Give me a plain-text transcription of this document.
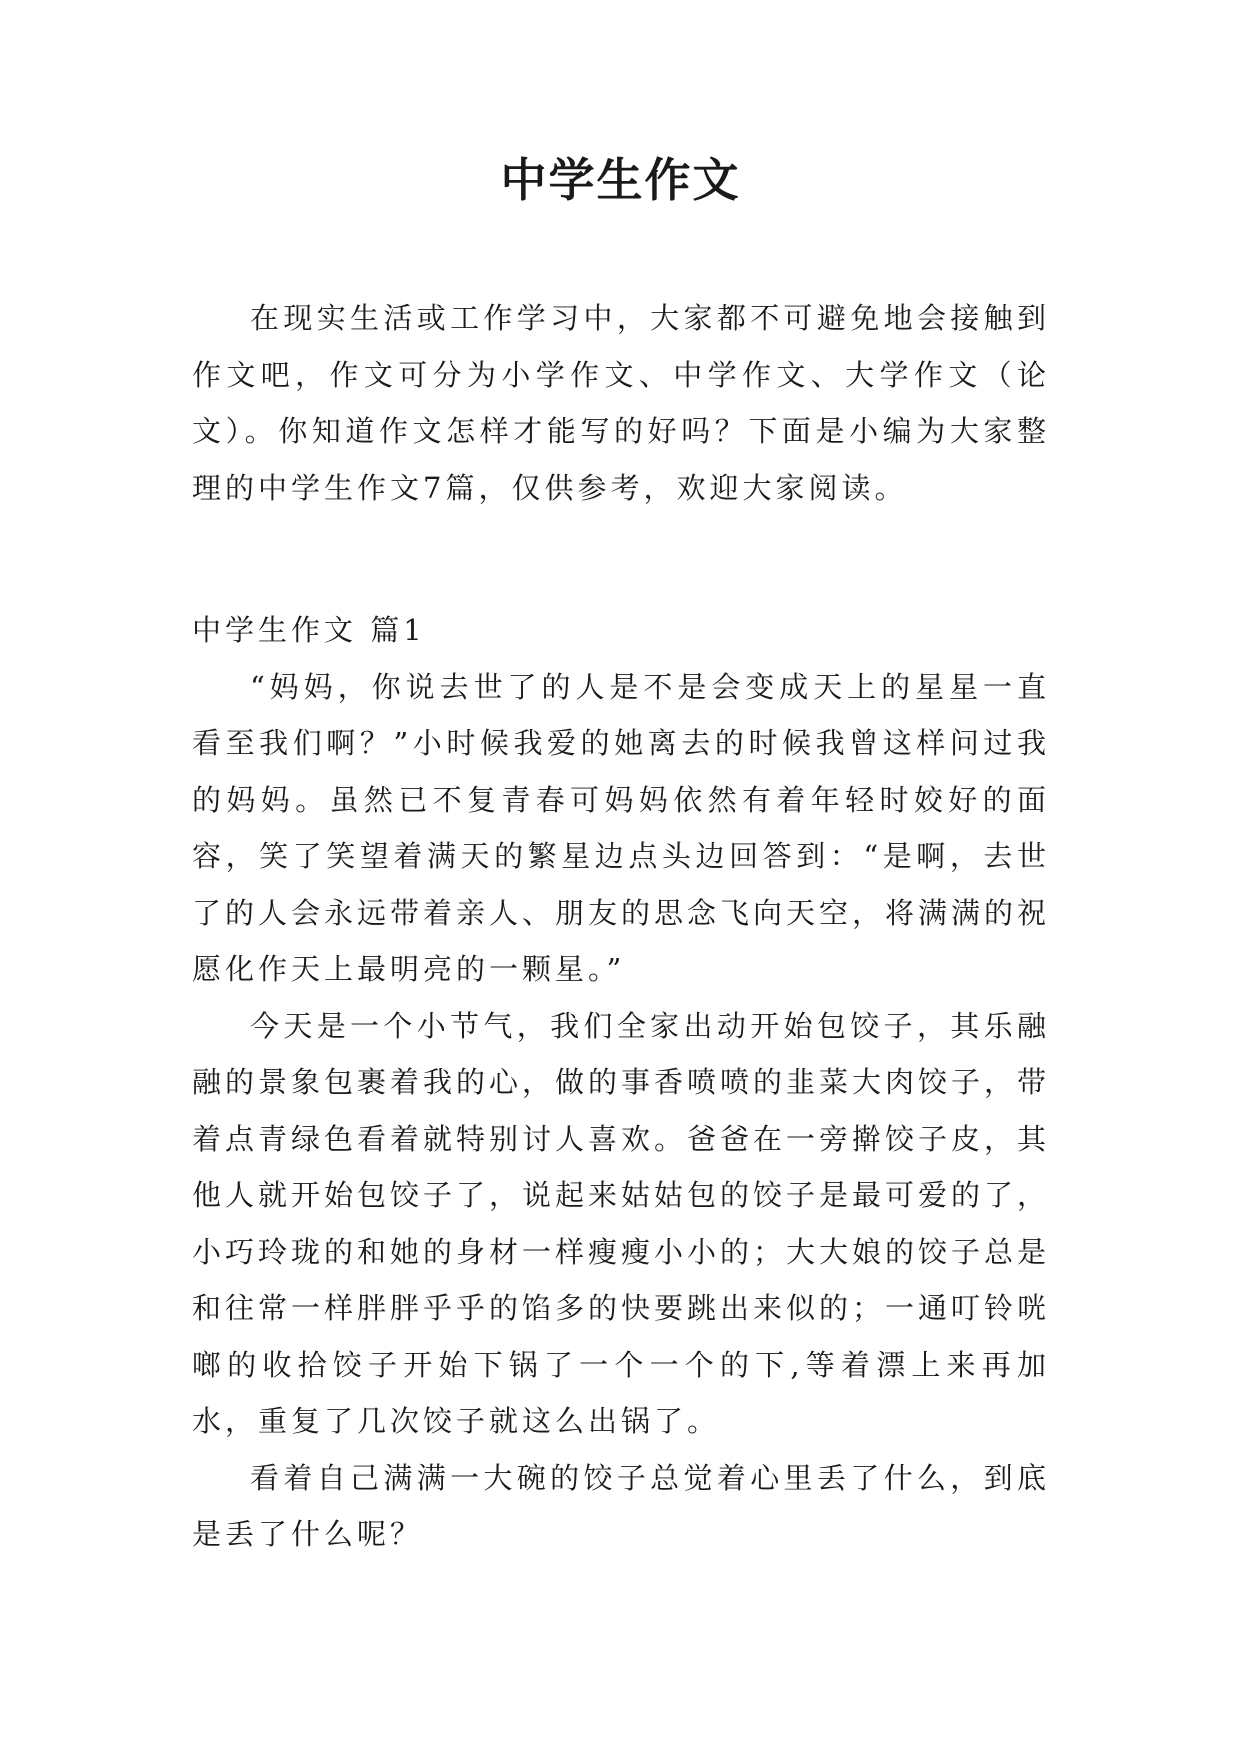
中学生作文

在现实生活或工作学习中，大家都不可避免地会接触到作文吧，作文可分为小学作文、中学作文、大学作文（论文）。你知道作文怎样才能写的好吗？下面是小编为大家整理的中学生作文7篇，仅供参考，欢迎大家阅读。

中学生作文 篇1

“妈妈，你说去世了的人是不是会变成天上的星星一直看至我们啊？”小时候我爱的她离去的时候我曾这样问过我的妈妈。虽然已不复青春可妈妈依然有着年轻时姣好的面容，笑了笑望着满天的繁星边点头边回答到：“是啊，去世了的人会永远带着亲人、朋友的思念飞向天空，将满满的祝愿化作天上最明亮的一颗星。”

今天是一个小节气，我们全家出动开始包饺子，其乐融融的景象包裹着我的心，做的事香喷喷的韭菜大肉饺子，带着点青绿色看着就特别讨人喜欢。爸爸在一旁擀饺子皮，其他人就开始包饺子了，说起来姑姑包的饺子是最可爱的了，小巧玲珑的和她的身材一样瘦瘦小小的；大大娘的饺子总是和往常一样胖胖乎乎的馅多的快要跳出来似的；一通叮铃咣啷的收拾饺子开始下锅了一个一个的下,等着漂上来再加水，重复了几次饺子就这么出锅了。

看着自己满满一大碗的饺子总觉着心里丢了什么，到底是丢了什么呢？
